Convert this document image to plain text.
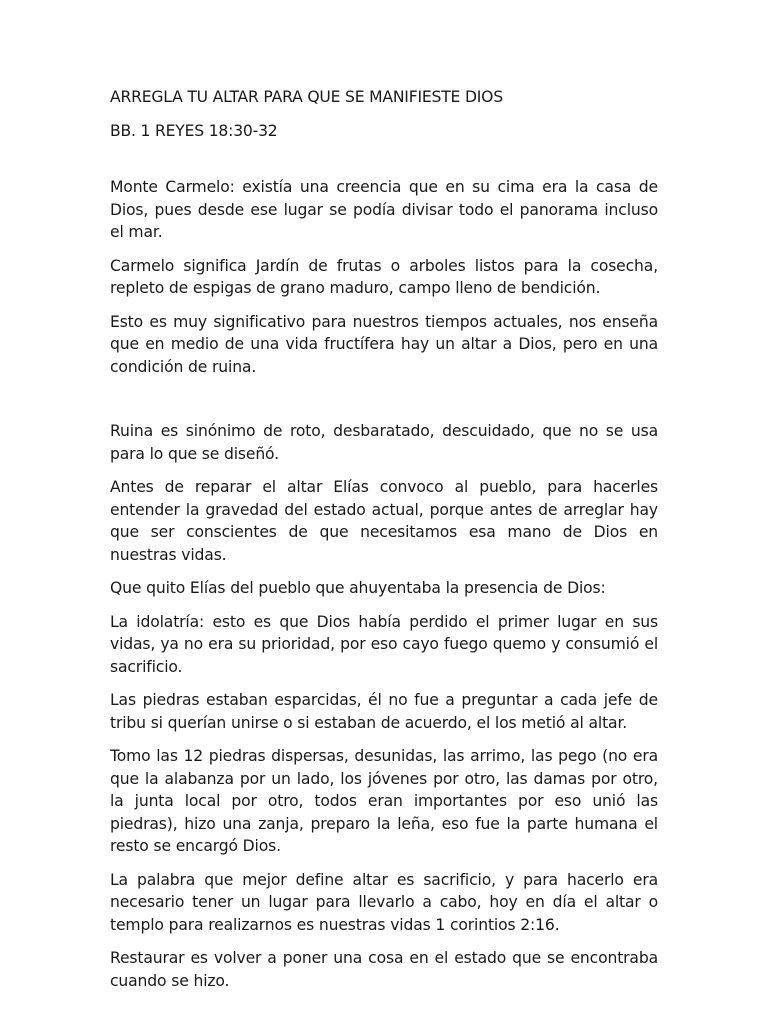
ARREGLA TU ALTAR PARA QUE SE MANIFIESTE DIOS

BB. 1 REYES 18:30-32

Monte Carmelo: existía una creencia que en su cima era la casa de Dios, pues desde ese lugar se podía divisar todo el panorama incluso el mar.

Carmelo significa Jardín de frutas o arboles listos para la cosecha, repleto de espigas de grano maduro, campo lleno de bendición.

Esto es muy significativo para nuestros tiempos actuales, nos enseña que en medio de una vida fructífera hay un altar a Dios, pero en una condición de ruina.

Ruina es sinónimo de roto, desbaratado, descuidado, que no se usa para lo que se diseñó.

Antes de reparar el altar Elías convoco al pueblo, para hacerles entender la gravedad del estado actual, porque antes de arreglar hay que ser conscientes de que necesitamos esa mano de Dios en nuestras vidas.

Que quito Elías del pueblo que ahuyentaba la presencia de Dios:

La idolatría: esto es que Dios había perdido el primer lugar en sus vidas, ya no era su prioridad, por eso cayo fuego quemo y consumió el sacrificio.

Las piedras estaban esparcidas, él no fue a preguntar a cada jefe de tribu si querían unirse o si estaban de acuerdo, el los metió al altar.

Tomo las 12 piedras dispersas, desunidas, las arrimo, las pego (no era que la alabanza por un lado, los jóvenes por otro, las damas por otro, la junta local por otro, todos eran importantes por eso unió las piedras), hizo una zanja, preparo la leña, eso fue la parte humana el resto se encargó Dios.

La palabra que mejor define altar es sacrificio, y para hacerlo era necesario tener un lugar para llevarlo a cabo, hoy en día el altar o templo para realizarnos es nuestras vidas 1 corintios 2:16.

Restaurar es volver a poner una cosa en el estado que se encontraba cuando se hizo.
